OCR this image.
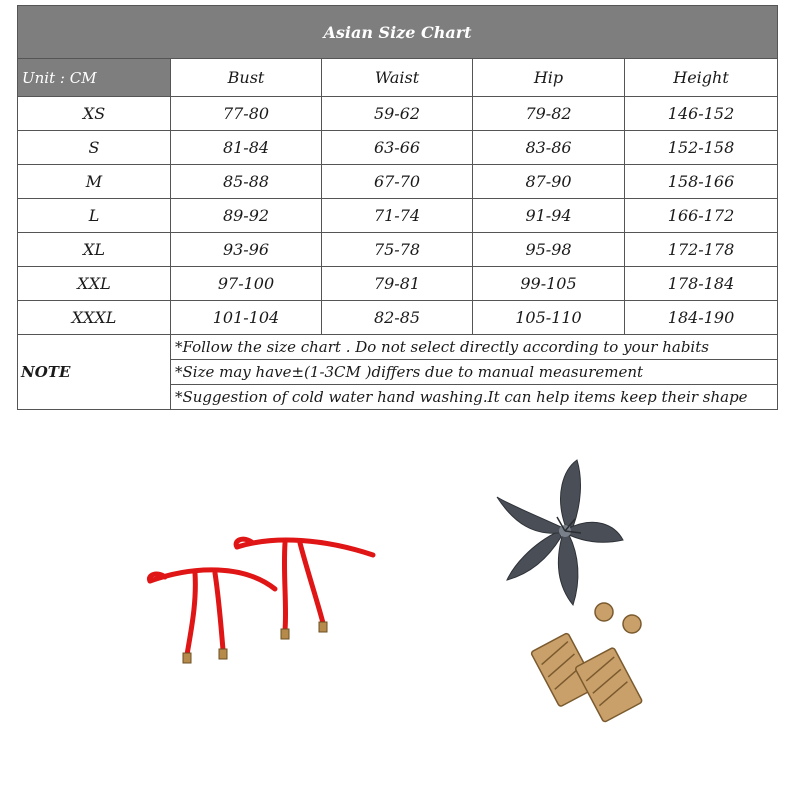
Asian Size Chart				
Unit : CM	Bust	Waist	Hip	Height
XS	77-80	59-62	79-82	146-152
S	81-84	63-66	83-86	152-158
M	85-88	67-70	87-90	158-166
L	89-92	71-74	91-94	166-172
XL	93-96	75-78	95-98	172-178
XXL	97-100	79-81	99-105	178-184
XXXL	101-104	82-85	105-110	184-190
NOTE	*Follow the size chart . Do not select directly according to your habits			
	*Size may have±(1-3CM )differs due to manual measurement			
	*Suggestion of cold water hand washing.It can help items keep their shape			
